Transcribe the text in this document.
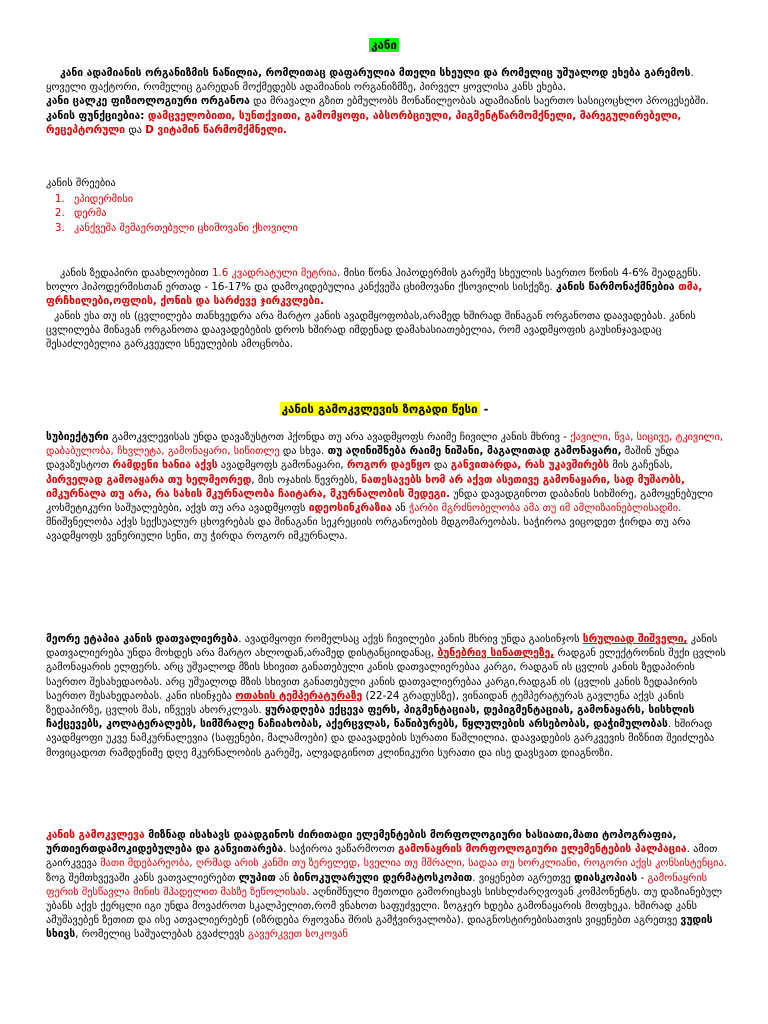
კანი

კანი ადამიანის ორგანიზმის ნაწილია, რომლითაც დაფარულია მთელი სხეული და რომელიც უშუალოდ ეხება გარემოს. ყოველი ფაქტორი, რომელიც გარედან მოქმედებს ადამიანის ორგანიზმზე, პირველ ყოვლისა კანს ეხება.

კანი ცალკე ფიზიოლოგიური ორგანოა და მრავალი გზით ებმულობს მონაწილეობას ადამიანის საერთო სასიცოცხლო პროცესებში.

კანის ფუნქციებია: დამცველობითი, სუნთქვითი, გამომყოფი, აბსორბციული, პიგმენტწარმომქნელი, მარეგულირებელი, რეცეპტორული და D ვიტამინ წარმომქმნელი.

კანის შრეებია

1. ეპიდერმისი
2. დერმა
3. კანქვეშა შემაერთებელი ცხიმოვანი ქსოვილი

კანის ზედაპირი დაახლოებით 1.6 კვადრატული მეტრია. მისი წონა ჰიპოდერმის გარეშე სხეულის საერთო წონის 4-6% შეადგენს. ხოლო ჰიპოდერმისთან ერთად - 16-17% და დამოკიდებულია კანქვეშა ცხიმოვანი ქსოვილის სისქეზე. კანის წარმონაქმნებია თმა, ფრჩხილები,ოფლის, ქონის და სარძევე ჯირკვლები.

კანის ესა თუ ის (ცვლილება თანხვედრა არა მარტო კანის ავადმყოფობას,არამედ ხშირად შინაგან ორგანოთა დაავადებას. კანის ცვლილება მინავან ორგანოთა დაავადებების დროს ხშირად იმდენად დამახასიათებელია, რომ ავადმყოფის გაუსინჯავადაც შესაძლებელია გარკვეული სნეულების ამოცნობა.

კანის გამოკვლევის ზოგადი წესი -

სუბიექტური გამოკვლევისას უნდა დავაზუსტოთ ჰქონდა თუ არა ავადმყოფს რაიმე ჩივილი კანის მხრივ - ქავილი, წვა, სიცივე, ტკივილი, დაბაბულობა, ჩხვლეტა, გამონაყარი, სიწითლე და სხვა. თუ აღინიშნება რაიმე ნიშანი, მაგალითად გამონაყარი, მაშინ უნდა დავაზუსტოთ რამდენი ხანია აქვს ავადმყოფს გამონაყარი, როგორ დაეწყო და განვითარდა, რას უკავშირებს მის გაჩენას, პირველად გამოაყარა თუ ხელმეორედ, მის ოჯახის წევრებს, ნათესავებს ხომ არ აქვთ ასეთივე გამონაყარი, სად მუშაობს, იმკურნალა თუ არა, რა სახის მკურნალობა ჩაიტარა, მკურნალობის შედეგი. უნდა დავადგინოთ დაბანის სიხშირე, გამოყენებული კოსმეტიკური საშუალებები, აქვს თუ არა ავადმყოფს იდეოსინკრაზია ან ჭარბი მგრძნობელობა ამა თუ იმ ამლიზაინებლისადმი. მნიშვნელობა აქვს სექსუალურ ცხოვრებას და შინაგანი სეკრეციის ორგანოების მდგომარეობას. საჭიროა ვიცოდეთ ჭირდა თუ არა ავადმყოფს ვენერიული სენი, თუ ჭირდა როგორ იმკურნალა.

მეორე ეტაპია კანის დათვალიერება. ავადმყოფი რომელსაც აქვს ჩივილები კანის მხრივ უნდა გაისინჯოს სრულიად შიშველი, კანის დათვალიერება უნდა მოხდეს არა მარტო ახლოდან,არამედ დისტანციიდანაც, ბუნებრივ სინათლეზე, რადგან ელექტრონის შუქი ცვლის გამონაყარის ელფერს. არც უშუალოდ მზის სხივით განათებული კანის დათვალიერებაა კარგი, რადგან ის ცვლის კანის ზედაპირის საერთო შესახედაობას. არც უშუალოდ მზის სხივით განათებული კანის დათვალიერებაა კარგი,რადგან ის (ცვლის კანის ზედაპირის საერთო შესახედაობას. კანი ისინჯება ოთახის ტემპერატურაზე (22-24 გრადუსზე), ვინაიდან ტემპერატურას გავლენა აქვს კანის ზედაპირზე, ცვლის მას, იწვევს ახორკლვას. ყურადღება ექცევა ფერს, პიგმენტაციას, დეპიგმენტაციას, გამონაყარს, სისხლის ჩაქცევებს, კოლატერალებს, სიმშრალე ნაჩიახობას, აქერცვლას, ნაწიბურებს, წყლულების არსებობას, დაჭიმულობას. ხშირად ავადმყოფი უკვე ნამკურნალევია (საფენები, მალამოები) და დაავადების სურათი წაშლილია. დაავადების გარკვევის მიზნით შეიძლება მოვიცადოთ რამდენიმე დღე მკურნალობის გარეშე, ალვადგინოთ კლინიკური სურათი და ისე დავსვათ დიაგნოზი.

კანის გამოკვლევა მიზნად ისახავს დაადგინოს ძირითადი ელემენტების მორფოლოგიური ხასიათი,მათი ტოპოგრაფია, ურთიერთდამოკიდებულება და განვითარება. საჭიროა ვაწარმოოთ გამონაყრის მორფოლოგიური ელემენტების პალპაცია. ამით გაირკვევა მათი მდებარეობა, ღრმად არის კანში თუ ზერელედ, სველია თუ მშრალი, სადაა თუ ხორკლიანი, როგორი აქვს კონსისტენცია. ზოგ შემთხვევაში კანს ვათვალიერებთ ლუპით ან ბინოკულარული დერმატოსკოპით. ვიყენებთ აგრეთვე დიასკოპიას - გამონაყრის ფერის შესწავლა მინის შპადელით მასზე ზეწოლისას. აღნიშნული მეთოდი გამორიცხავს სისხლძარღვოვან კომპონენტს. თუ დაზიანებულ უბანს აქვს ქერცლი იგი უნდა მოვაძროთ სკალპელით,რომ ვნახოთ საფუძველი. ზოგჯერ ხდება გამონაყარის მოფხეკა. ხშირად კანს ამუშავებენ ზეთით და ისე ათვალიერებენ (იზრდება რჟოვანა შრის გამჭვირვალობა). დიაგნოსტირებისათვის ვიყენებთ აგრეთვე ვუდის სხივს, რომელიც საშუალებას გვაძლევს გავერკვეთ სოკოვან
